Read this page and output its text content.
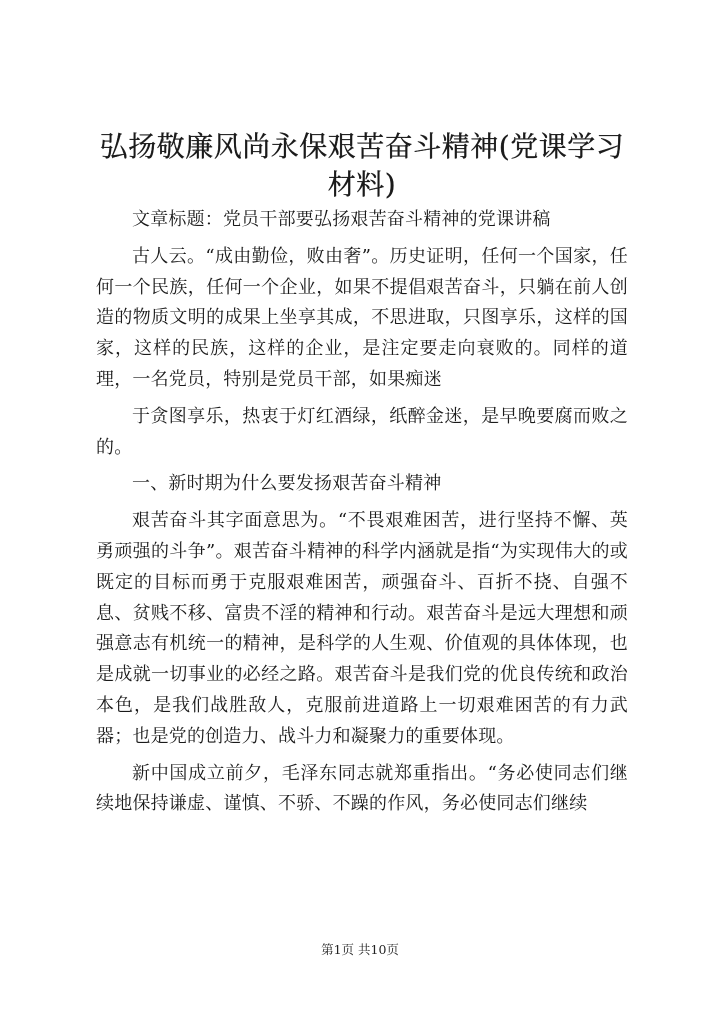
弘扬敬廉风尚永保艰苦奋斗精神(党课学习材料)

文章标题：党员干部要弘扬艰苦奋斗精神的党课讲稿

古人云。“成由勤俭，败由奢”。历史证明，任何一个国家，任何一个民族，任何一个企业，如果不提倡艰苦奋斗，只躺在前人创造的物质文明的成果上坐享其成，不思进取，只图享乐，这样的国家，这样的民族，这样的企业，是注定要走向衰败的。同样的道理，一名党员，特别是党员干部，如果痴迷

于贪图享乐，热衷于灯红酒绿，纸醉金迷，是早晚要腐而败之的。

一、新时期为什么要发扬艰苦奋斗精神

艰苦奋斗其字面意思为。“不畏艰难困苦，进行坚持不懈、英勇顽强的斗争”。艰苦奋斗精神的科学内涵就是指“为实现伟大的或既定的目标而勇于克服艰难困苦，顽强奋斗、百折不挠、自强不息、贫贱不移、富贵不淫的精神和行动。艰苦奋斗是远大理想和顽强意志有机统一的精神，是科学的人生观、价值观的具体体现，也是成就一切事业的必经之路。艰苦奋斗是我们党的优良传统和政治本色，是我们战胜敌人，克服前进道路上一切艰难困苦的有力武器；也是党的创造力、战斗力和凝聚力的重要体现。

新中国成立前夕，毛泽东同志就郑重指出。“务必使同志们继续地保持谦虚、谨慎、不骄、不躁的作风，务必使同志们继续

第1页 共10页
